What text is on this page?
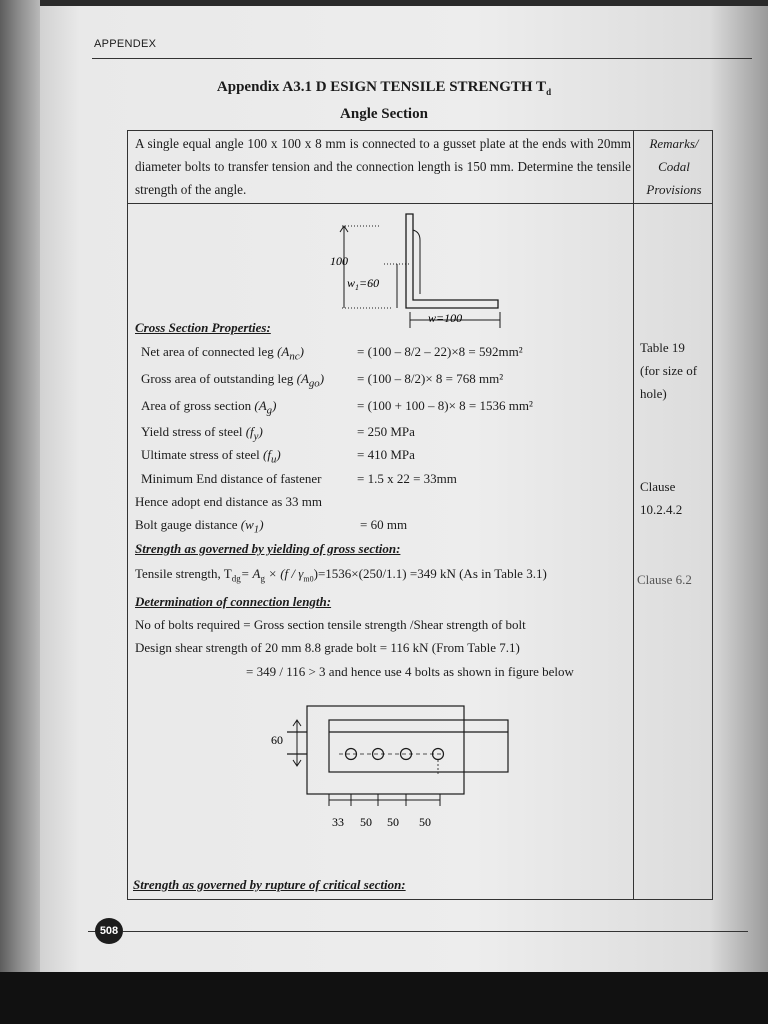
APPENDEX
Appendix A3.1 D ESIGN TENSILE STRENGTH $T_d$
Angle Section
A single equal angle 100 x 100 x 8 mm is connected to a gusset plate at the ends with 20mm diameter bolts to transfer tension and the connection length is 150 mm. Determine the tensile strength of the angle.
Remarks/
Codal
Provisions
100
$w_1=60$
w=100
Cross Section Properties:
Net area of connected leg $(A_{nc})$	= (100 – 8/2 – 22)×8 = 592mm²
Gross area of outstanding leg $(A_{go})$	= (100 – 8/2)× 8 = 768 mm²
Area of gross section $(A_g)$	= (100 + 100 – 8)× 8 = 1536 mm²
Yield stress of steel $(f_y)$	= 250 MPa
Ultimate stress of steel $(f_u)$	= 410 MPa
Minimum End distance of fastener	= 1.5 x 22 = 33mm
Hence adopt end distance as 33 mm
Bolt gauge distance $(w_1)$	= 60 mm
Strength as governed by yielding of gross section:
Tensile strength, $T_{dg}= A_g \times (f / \gamma_{m0})=1536\times(250/1.1) =349$ kN (As in Table 3.1)
Determination of connection length:
No of bolts required = Gross section tensile strength /Shear strength of bolt
Design shear strength of 20 mm 8.8 grade bolt = 116 kN (From Table 7.1)
= 349 / 116 > 3 and hence use 4 bolts as shown in figure below
60
33 50 50 50
Strength as governed by rupture of critical section:
Table 19
(for size of
hole)
Clause
10.2.4.2
Clause 6.2
508
